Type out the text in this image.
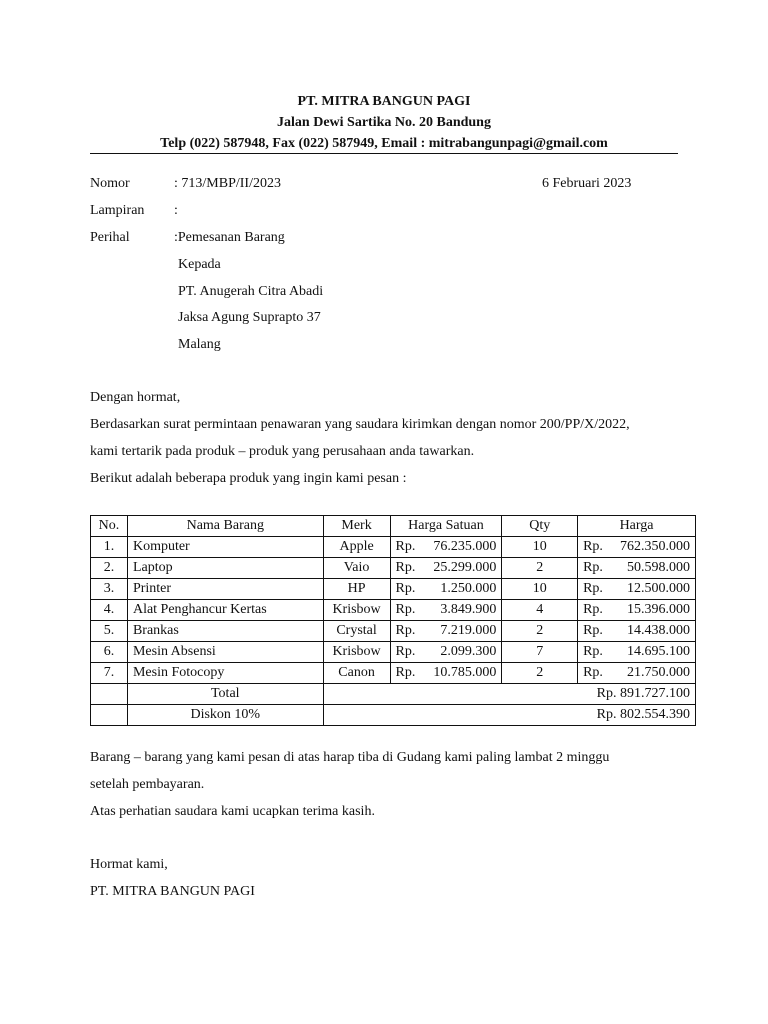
PT. MITRA BANGUN PAGI
Jalan Dewi Sartika No. 20 Bandung
Telp (022) 587948, Fax (022) 587949, Email : mitrabangunpagi@gmail.com
Nomor	: 713/MBP/II/2023	6 Februari 2023
Lampiran :
Perihal	:Pemesanan Barang
Kepada
PT. Anugerah Citra Abadi
Jaksa Agung Suprapto 37
Malang
Dengan hormat,
Berdasarkan surat permintaan penawaran yang saudara kirimkan dengan nomor 200/PP/X/2022,
kami tertarik pada produk – produk yang perusahaan anda tawarkan.
Berikut adalah beberapa produk yang ingin kami pesan :
No.	Nama Barang	Merk	Harga Satuan	Qty	Harga
1.	Komputer	Apple	Rp. 76.235.000	10	Rp. 762.350.000

2.	Laptop	Vaio	Rp. 25.299.000	2	Rp. 50.598.000

3.	Printer	HP	Rp. 1.250.000	10	Rp. 12.500.000

4.	Alat Penghancur Kertas	Krisbow	Rp. 3.849.900	4	Rp. 15.396.000

5.	Brankas	Crystal	Rp. 7.219.000	2	Rp. 14.438.000

6.	Mesin Absensi	Krisbow	Rp. 2.099.300	7	Rp. 14.695.100

7.	Mesin Fotocopy	Canon	Rp. 10.785.000	2	Rp. 21.750.000

	Total	Rp. 891.727.100			
	Diskon 10%	Rp. 802.554.390			
Barang – barang yang kami pesan di atas harap tiba di Gudang kami paling lambat 2 minggu
setelah pembayaran.
Atas perhatian saudara kami ucapkan terima kasih.
Hormat kami,
PT. MITRA BANGUN PAGI
